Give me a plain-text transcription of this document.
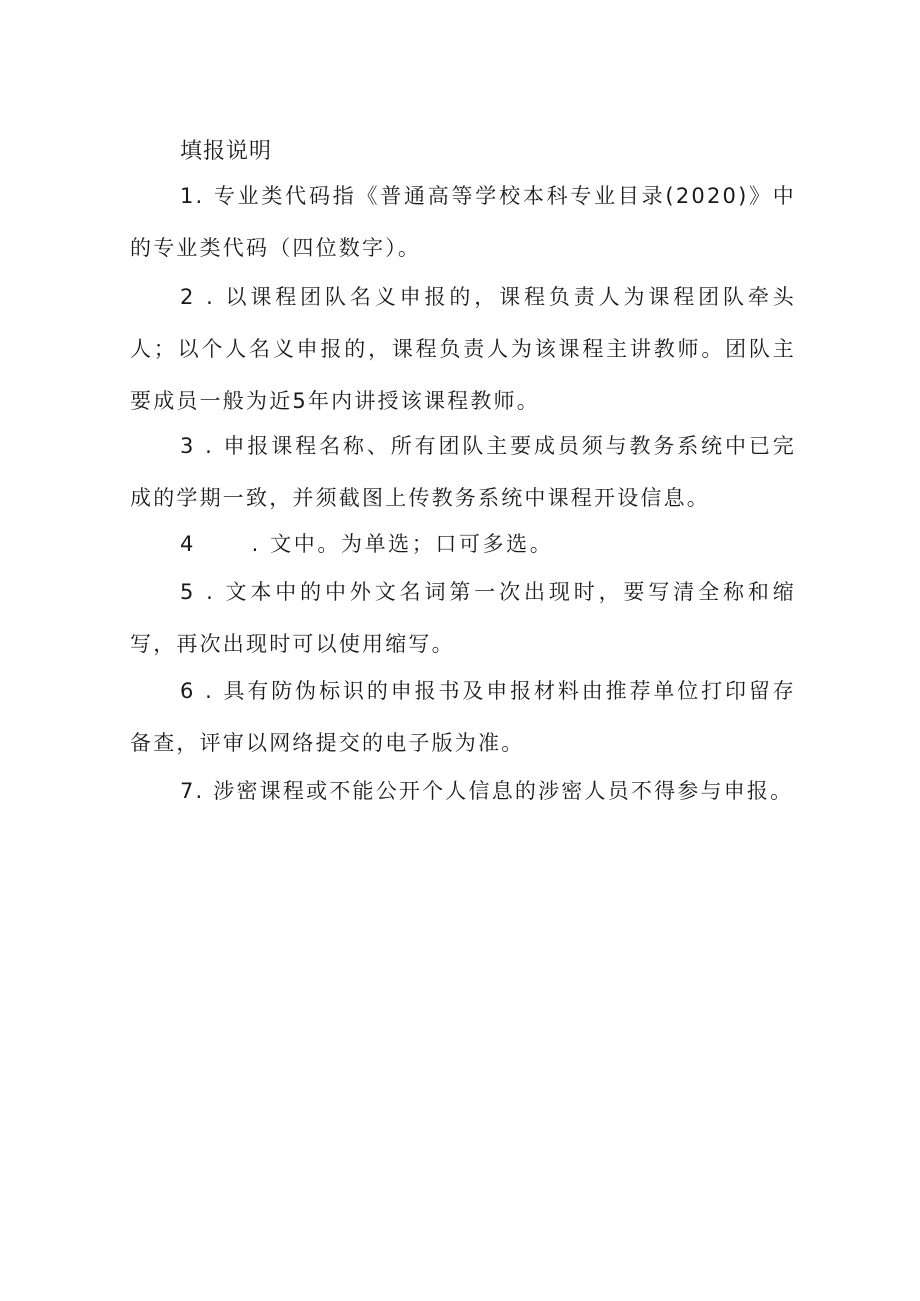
填报说明

1. 专业类代码指《普通高等学校本科专业目录(2020)》中的专业类代码（四位数字）。

2 . 以课程团队名义申报的，课程负责人为课程团队牵头人；以个人名义申报的，课程负责人为该课程主讲教师。团队主要成员一般为近5年内讲授该课程教师。

3 . 申报课程名称、所有团队主要成员须与教务系统中已完成的学期一致，并须截图上传教务系统中课程开设信息。

4      . 文中。为单选；口可多选。

5 . 文本中的中外文名词第一次出现时，要写清全称和缩写，再次出现时可以使用缩写。

6 . 具有防伪标识的申报书及申报材料由推荐单位打印留存备查，评审以网络提交的电子版为准。

7. 涉密课程或不能公开个人信息的涉密人员不得参与申报。
